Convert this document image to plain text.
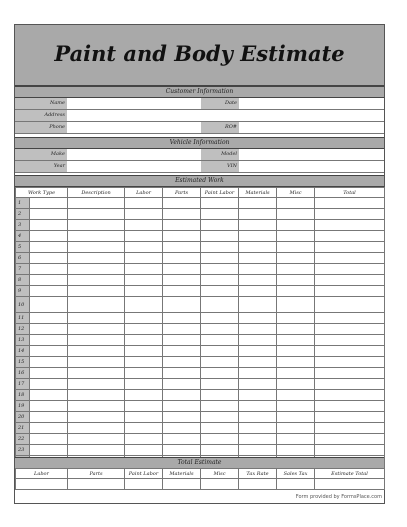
Paint and Body Estimate
Customer Information
Name	Date
Address
Phone	RO#
Vehicle Information
Make	Model
Year	VIN
Estimated Work
Work Type		Description	Labor	Parts	Paint Labor	Materials	Misc	Total
1								
2								
3								
4								
5								
6								
7								
8								
9								
10								
11								
12								
13								
14								
15								
16								
17								
18								
19								
20								
21								
22								
23								

Total Estimate
Labor	Parts	Paint Labor	Materials	Misc	Tax Rate	Sales Tax	Estimate Total

Form provided by FormsPlace.com
